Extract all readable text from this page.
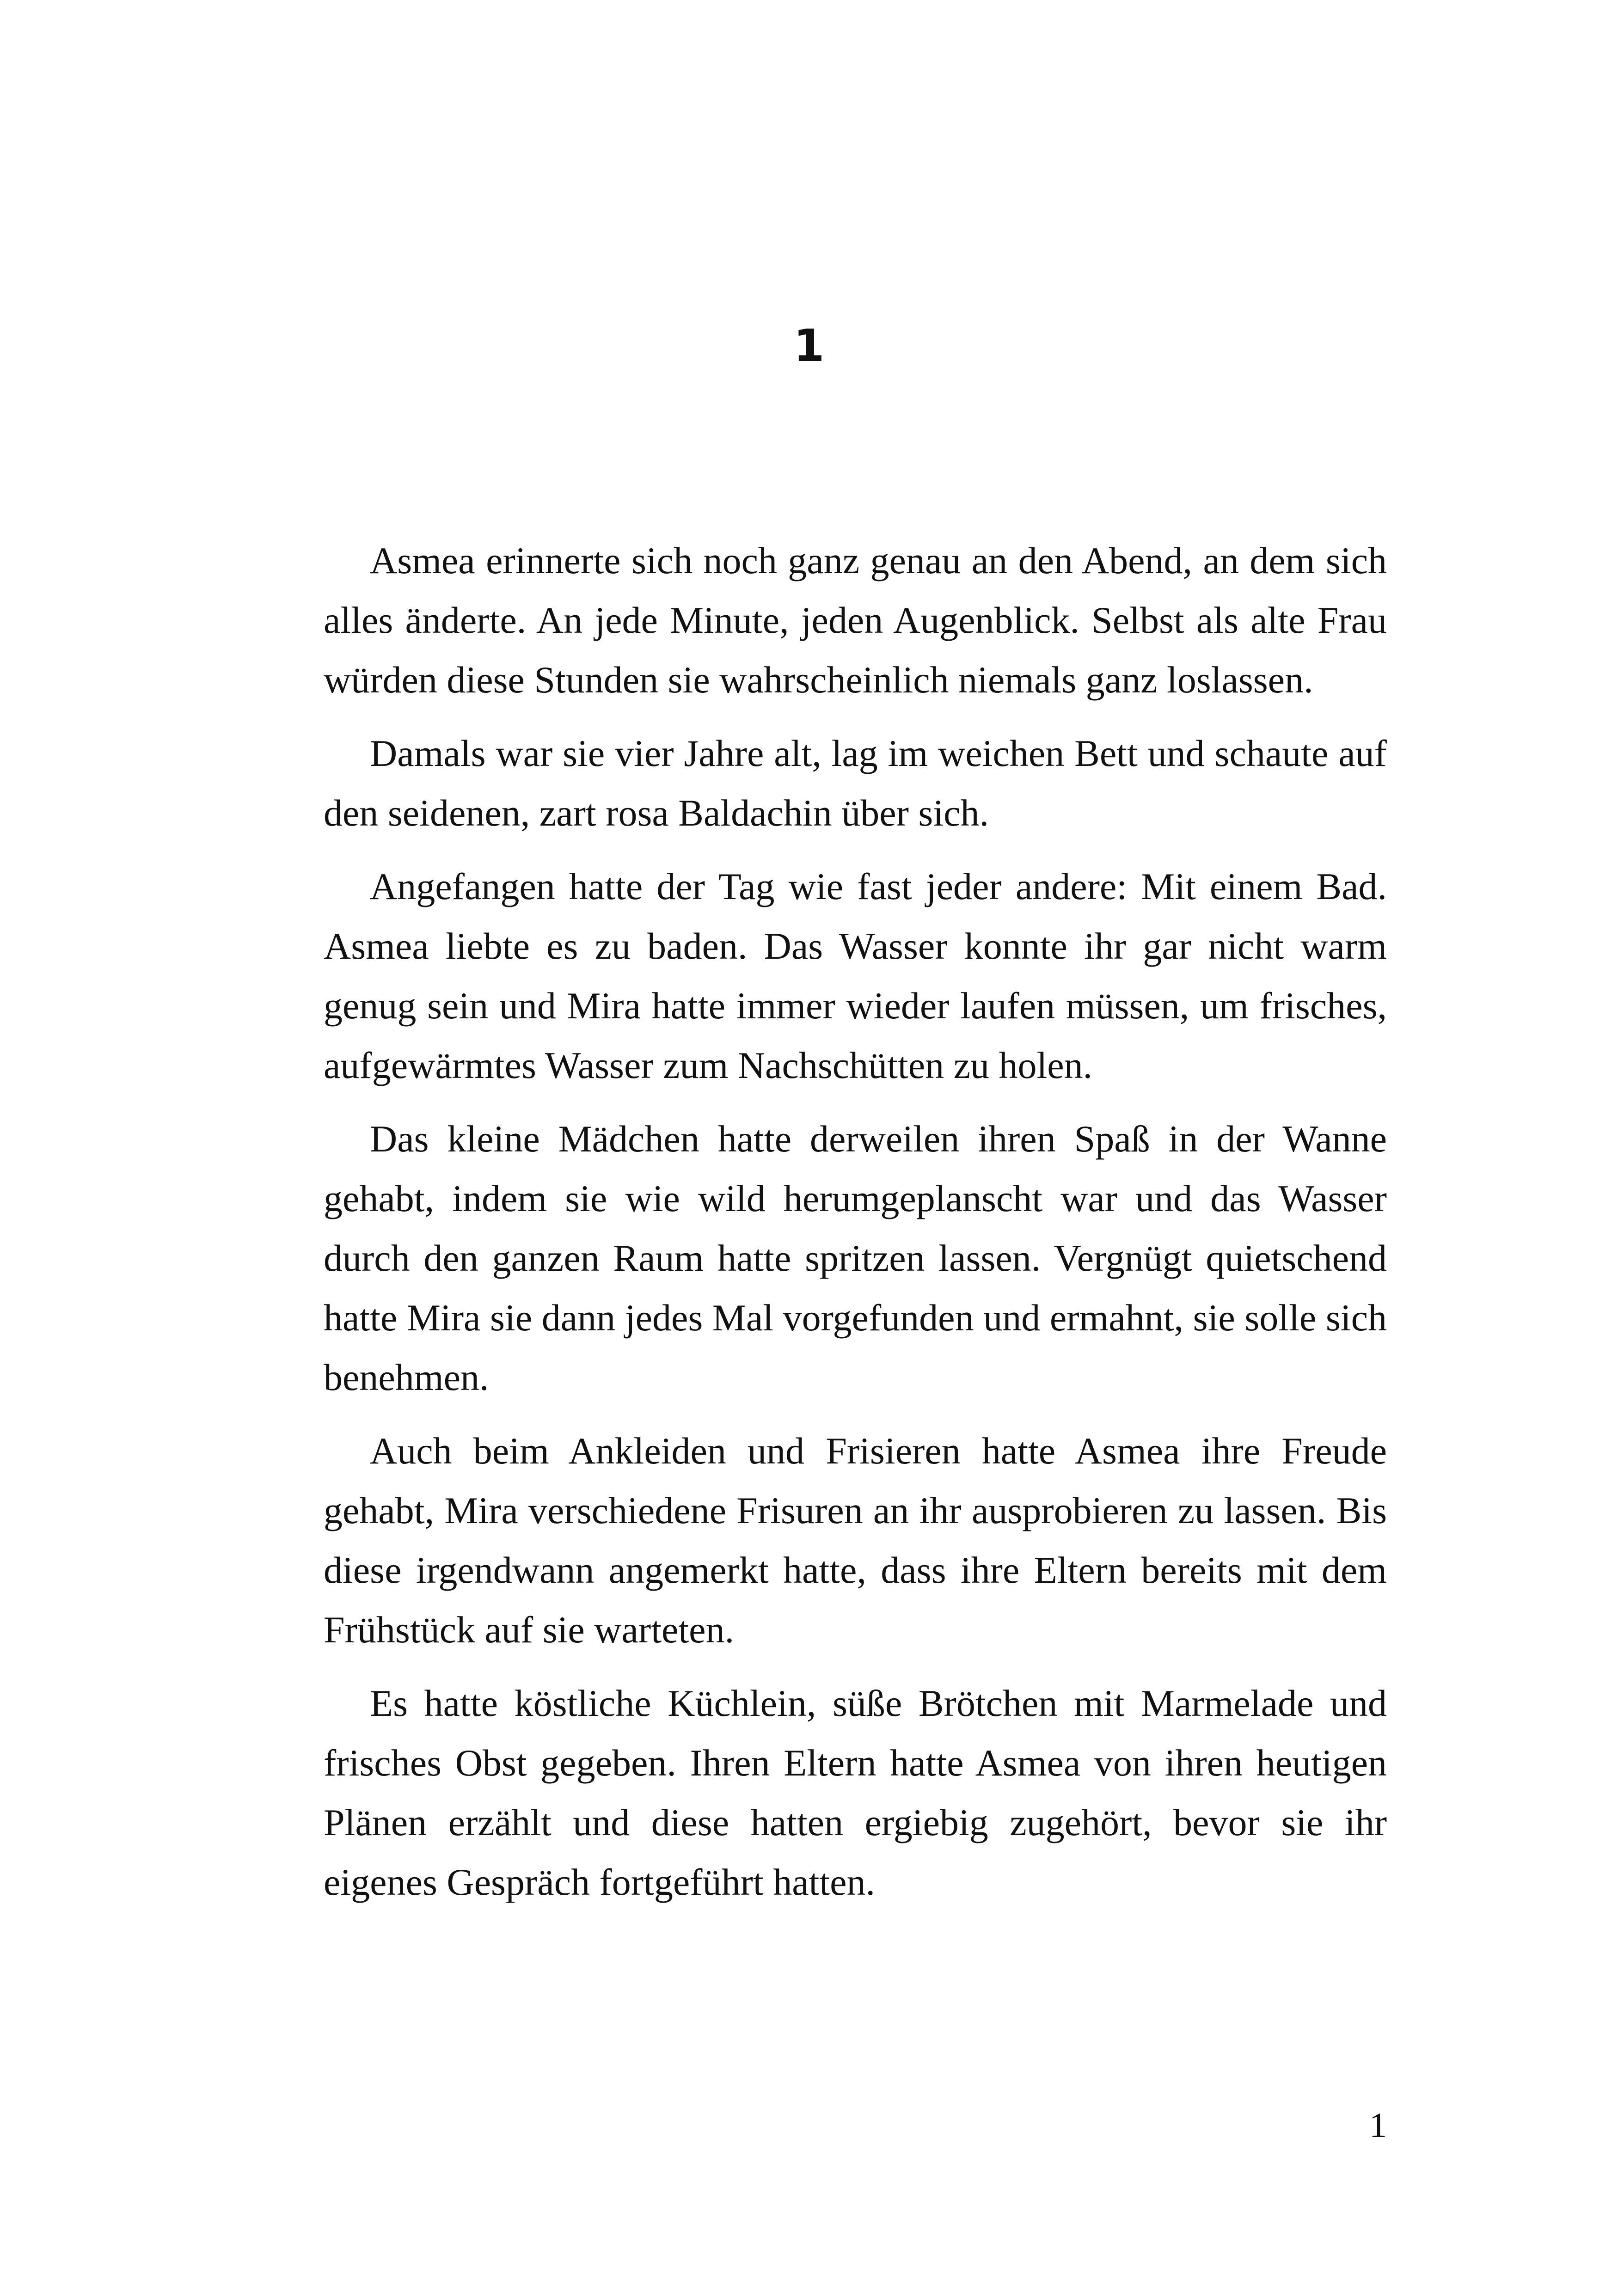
1

Asmea erinnerte sich noch ganz genau an den Abend, an dem sich alles änderte. An jede Minute, jeden Augenblick. Selbst als alte Frau würden diese Stunden sie wahrscheinlich niemals ganz loslassen.

Damals war sie vier Jahre alt, lag im weichen Bett und schaute auf den seidenen, zart rosa Baldachin über sich.

Angefangen hatte der Tag wie fast jeder andere: Mit einem Bad. Asmea liebte es zu baden. Das Wasser konnte ihr gar nicht warm genug sein und Mira hatte immer wieder laufen müssen, um frisches, aufgewärmtes Wasser zum Nachschütten zu holen.

Das kleine Mädchen hatte derweilen ihren Spaß in der Wanne gehabt, indem sie wie wild herumgeplanscht war und das Wasser durch den ganzen Raum hatte spritzen lassen. Vergnügt quietschend hatte Mira sie dann jedes Mal vorgefunden und ermahnt, sie solle sich benehmen.

Auch beim Ankleiden und Frisieren hatte Asmea ihre Freude gehabt, Mira verschiedene Frisuren an ihr ausprobieren zu lassen. Bis diese irgendwann angemerkt hatte, dass ihre Eltern bereits mit dem Frühstück auf sie warteten.

Es hatte köstliche Küchlein, süße Brötchen mit Marmelade und frisches Obst gegeben. Ihren Eltern hatte Asmea von ihren heutigen Plänen erzählt und diese hatten ergiebig zugehört, bevor sie ihr eigenes Gespräch fortgeführt hatten.

1
